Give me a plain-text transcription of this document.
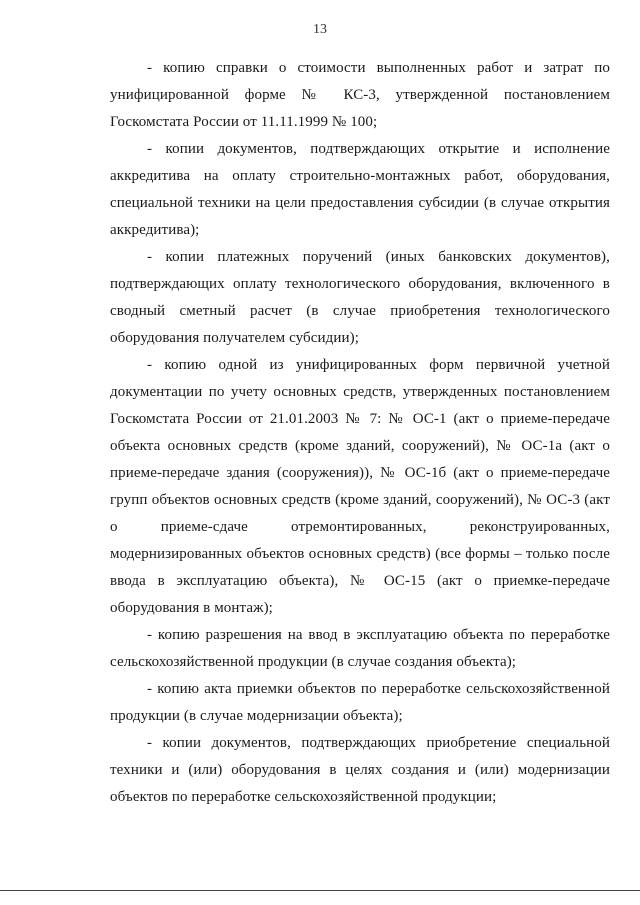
13

- копию справки о стоимости выполненных работ и затрат по унифицированной форме № КС-3, утвержденной постановлением Госкомстата России от 11.11.1999 № 100;

- копии документов, подтверждающих открытие и исполнение аккредитива на оплату строительно-монтажных работ, оборудования, специальной техники на цели предоставления субсидии (в случае открытия аккредитива);

- копии платежных поручений (иных банковских документов), подтверждающих оплату технологического оборудования, включенного в сводный сметный расчет (в случае приобретения технологического оборудования получателем субсидии);

- копию одной из унифицированных форм первичной учетной документации по учету основных средств, утвержденных постановлением Госкомстата России от 21.01.2003 № 7: № ОС-1 (акт о приеме-передаче объекта основных средств (кроме зданий, сооружений), № ОС-1а (акт о приеме-передаче здания (сооружения)), № ОС-1б (акт о приеме-передаче групп объектов основных средств (кроме зданий, сооружений), № ОС-3 (акт о приеме-сдаче отремонтированных, реконструированных, модернизированных объектов основных средств) (все формы – только после ввода в эксплуатацию объекта), № ОС-15 (акт о приемке-передаче оборудования в монтаж);

- копию разрешения на ввод в эксплуатацию объекта по переработке сельскохозяйственной продукции (в случае создания объекта);

- копию акта приемки объектов по переработке сельскохозяйственной продукции (в случае модернизации объекта);

- копии документов, подтверждающих приобретение специальной техники и (или) оборудования в целях создания и (или) модернизации объектов по переработке сельскохозяйственной продукции;
